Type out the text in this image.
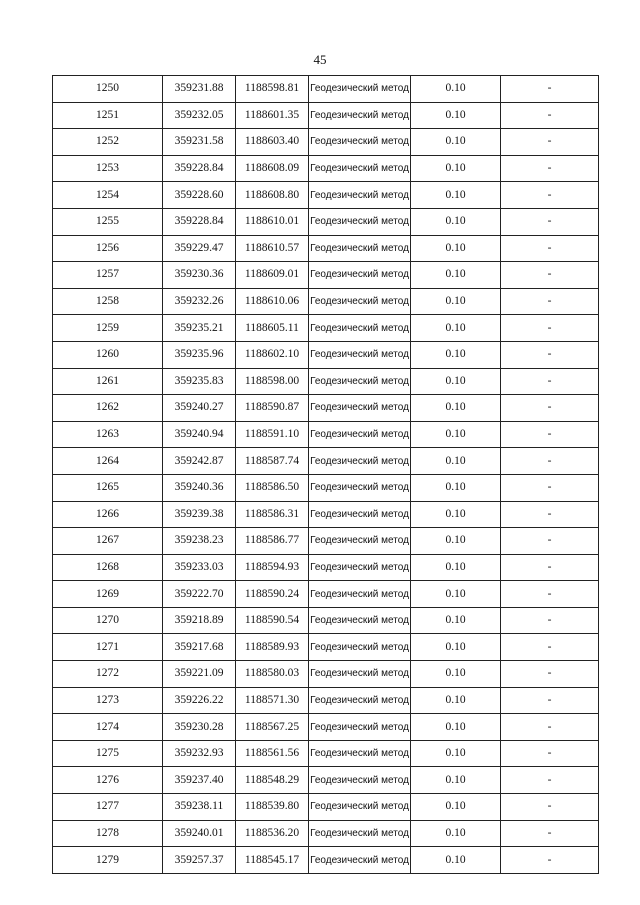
45
1250	359231.88	1188598.81	Геодезический метод	0.10	-
1251	359232.05	1188601.35	Геодезический метод	0.10	-
1252	359231.58	1188603.40	Геодезический метод	0.10	-
1253	359228.84	1188608.09	Геодезический метод	0.10	-
1254	359228.60	1188608.80	Геодезический метод	0.10	-
1255	359228.84	1188610.01	Геодезический метод	0.10	-
1256	359229.47	1188610.57	Геодезический метод	0.10	-
1257	359230.36	1188609.01	Геодезический метод	0.10	-
1258	359232.26	1188610.06	Геодезический метод	0.10	-
1259	359235.21	1188605.11	Геодезический метод	0.10	-
1260	359235.96	1188602.10	Геодезический метод	0.10	-
1261	359235.83	1188598.00	Геодезический метод	0.10	-
1262	359240.27	1188590.87	Геодезический метод	0.10	-
1263	359240.94	1188591.10	Геодезический метод	0.10	-
1264	359242.87	1188587.74	Геодезический метод	0.10	-
1265	359240.36	1188586.50	Геодезический метод	0.10	-
1266	359239.38	1188586.31	Геодезический метод	0.10	-
1267	359238.23	1188586.77	Геодезический метод	0.10	-
1268	359233.03	1188594.93	Геодезический метод	0.10	-
1269	359222.70	1188590.24	Геодезический метод	0.10	-
1270	359218.89	1188590.54	Геодезический метод	0.10	-
1271	359217.68	1188589.93	Геодезический метод	0.10	-
1272	359221.09	1188580.03	Геодезический метод	0.10	-
1273	359226.22	1188571.30	Геодезический метод	0.10	-
1274	359230.28	1188567.25	Геодезический метод	0.10	-
1275	359232.93	1188561.56	Геодезический метод	0.10	-
1276	359237.40	1188548.29	Геодезический метод	0.10	-
1277	359238.11	1188539.80	Геодезический метод	0.10	-
1278	359240.01	1188536.20	Геодезический метод	0.10	-
1279	359257.37	1188545.17	Геодезический метод	0.10	-
